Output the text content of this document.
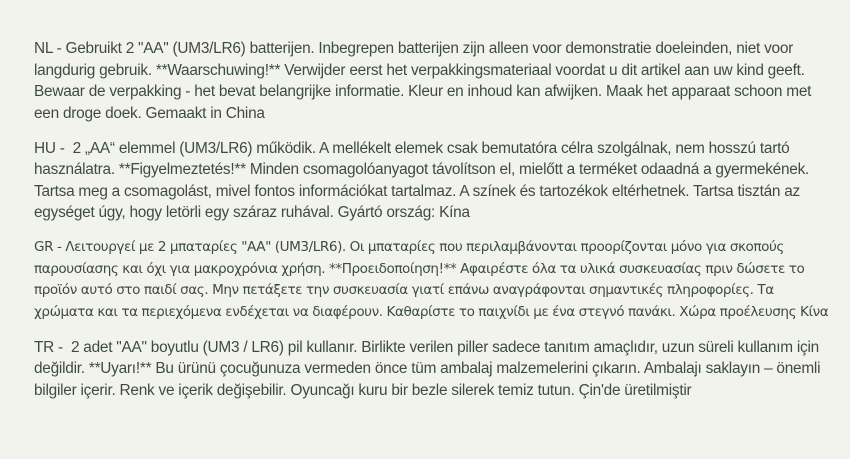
NL - Gebruikt 2 "AA" (UM3/LR6) batterijen. Inbegrepen batterijen zijn alleen voor demonstratie doeleinden, niet voor langdurig gebruik. **Waarschuwing!** Verwijder eerst het verpakkingsmateriaal voordat u dit artikel aan uw kind geeft. Bewaar de verpakking - het bevat belangrijke informatie. Kleur en inhoud kan afwijken. Maak het apparaat schoon met een droge doek. Gemaakt in China

HU -  2 „AA“ elemmel (UM3/LR6) működik. A mellékelt elemek csak bemutatóra célra szolgálnak, nem hosszú tartó használatra. **Figyelmeztetés!** Minden csomagolóanyagot távolítson el, mielőtt a terméket odaadná a gyermekének. Tartsa meg a csomagolást, mivel fontos információkat tartalmaz. A színek és tartozékok eltérhetnek. Tartsa tisztán az egységet úgy, hogy letörli egy száraz ruhával. Gyártó ország: Kína

GR - Λειτουργεί με 2 μπαταρίες "AA" (UM3/LR6). Οι μπαταρίες που περιλαμβάνονται προορίζονται μόνο για σκοπούς παρουσίασης και όχι για μακροχρόνια χρήση. **Προειδοποίηση!** Αφαιρέστε όλα τα υλικά συσκευασίας πριν δώσετε το προϊόν αυτό στο παιδί σας. Μην πετάξετε την συσκευασία γιατί επάνω αναγράφονται σημαντικές πληροφορίες. Τα χρώματα και τα περιεχόμενα ενδέχεται να διαφέρουν. Καθαρίστε το παιχνίδι με ένα στεγνό πανάκι. Χώρα προέλευσης Κίνα

TR -  2 adet "AA" boyutlu (UM3 / LR6) pil kullanır. Birlikte verilen piller sadece tanıtım amaçlıdır, uzun süreli kullanım için değildir. **Uyarı!** Bu ürünü çocuğunuza vermeden önce tüm ambalaj malzemelerini çıkarın. Ambalajı saklayın – önemli bilgiler içerir. Renk ve içerik değişebilir. Oyuncağı kuru bir bezle silerek temiz tutun. Çin'de üretilmiştir
